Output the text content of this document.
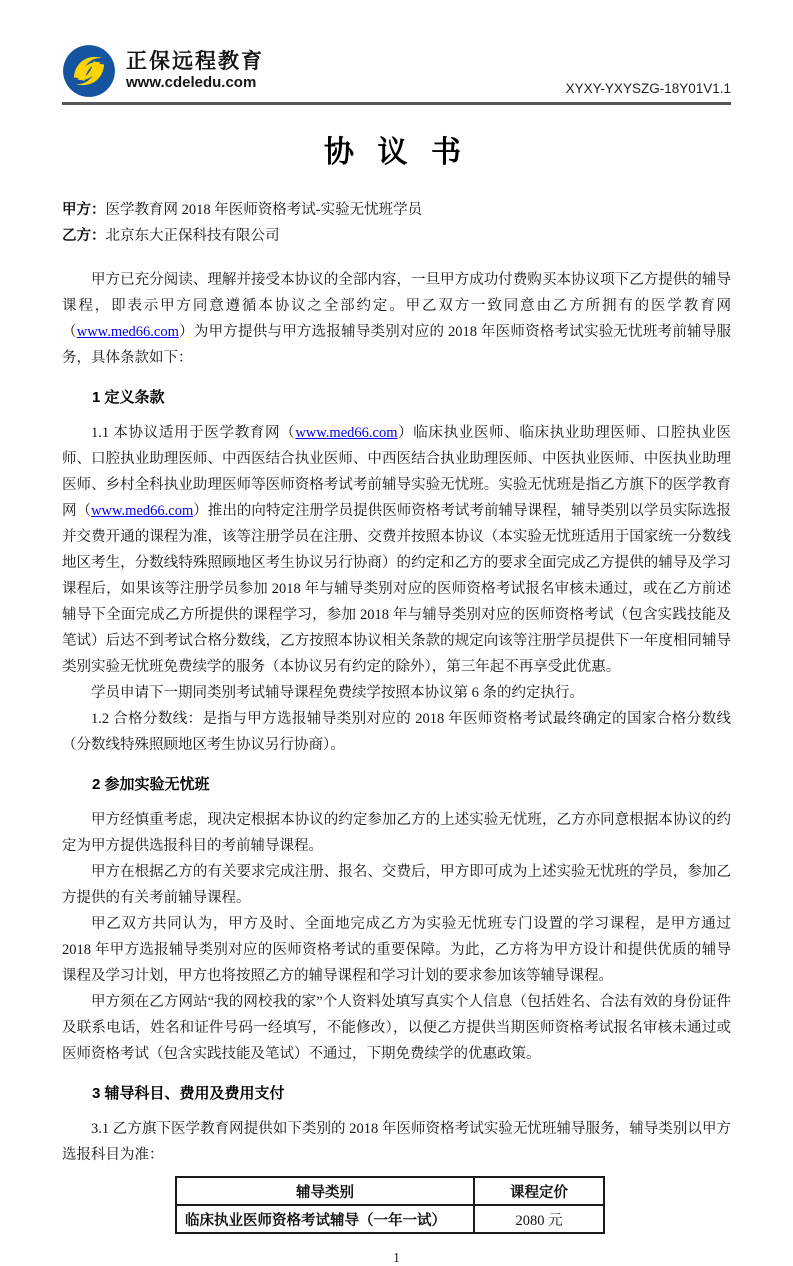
正保远程教育
www.cdeledu.com	XYXY-YXYSZG-18Y01V1.1
协 议 书
甲方：医学教育网 2018 年医师资格考试-实验无忧班学员
乙方：北京东大正保科技有限公司

甲方已充分阅读、理解并接受本协议的全部内容，一旦甲方成功付费购买本协议项下乙方提供的辅导课程，即表示甲方同意遵循本协议之全部约定。甲乙双方一致同意由乙方所拥有的医学教育网（www.med66.com）为甲方提供与甲方选报辅导类别对应的 2018 年医师资格考试实验无忧班考前辅导服务，具体条款如下：

1 定义条款

1.1 本协议适用于医学教育网（www.med66.com）临床执业医师、临床执业助理医师、口腔执业医师、口腔执业助理医师、中西医结合执业医师、中西医结合执业助理医师、中医执业医师、中医执业助理医师、乡村全科执业助理医师等医师资格考试考前辅导实验无忧班。实验无忧班是指乙方旗下的医学教育网（www.med66.com）推出的向特定注册学员提供医师资格考试考前辅导课程，辅导类别以学员实际选报并交费开通的课程为准，该等注册学员在注册、交费并按照本协议（本实验无忧班适用于国家统一分数线地区考生，分数线特殊照顾地区考生协议另行协商）的约定和乙方的要求全面完成乙方提供的辅导及学习课程后，如果该等注册学员参加 2018 年与辅导类别对应的医师资格考试报名审核未通过，或在乙方前述辅导下全面完成乙方所提供的课程学习，参加 2018 年与辅导类别对应的医师资格考试（包含实践技能及笔试）后达不到考试合格分数线，乙方按照本协议相关条款的规定向该等注册学员提供下一年度相同辅导类别实验无忧班免费续学的服务（本协议另有约定的除外），第三年起不再享受此优惠。

学员申请下一期同类别考试辅导课程免费续学按照本协议第 6 条的约定执行。

1.2 合格分数线：是指与甲方选报辅导类别对应的 2018 年医师资格考试最终确定的国家合格分数线（分数线特殊照顾地区考生协议另行协商）。

2 参加实验无忧班

甲方经慎重考虑，现决定根据本协议的约定参加乙方的上述实验无忧班，乙方亦同意根据本协议的约定为甲方提供选报科目的考前辅导课程。

甲方在根据乙方的有关要求完成注册、报名、交费后，甲方即可成为上述实验无忧班的学员，参加乙方提供的有关考前辅导课程。

甲乙双方共同认为，甲方及时、全面地完成乙方为实验无忧班专门设置的学习课程，是甲方通过 2018 年甲方选报辅导类别对应的医师资格考试的重要保障。为此，乙方将为甲方设计和提供优质的辅导课程及学习计划，甲方也将按照乙方的辅导课程和学习计划的要求参加该等辅导课程。

甲方须在乙方网站“我的网校我的家”个人资料处填写真实个人信息（包括姓名、合法有效的身份证件及联系电话，姓名和证件号码一经填写，不能修改），以便乙方提供当期医师资格考试报名审核未通过或医师资格考试（包含实践技能及笔试）不通过，下期免费续学的优惠政策。

3 辅导科目、费用及费用支付

3.1 乙方旗下医学教育网提供如下类别的 2018 年医师资格考试实验无忧班辅导服务，辅导类别以甲方选报科目为准：

辅导类别	课程定价
临床执业医师资格考试辅导（一年一试）	2080 元
1
